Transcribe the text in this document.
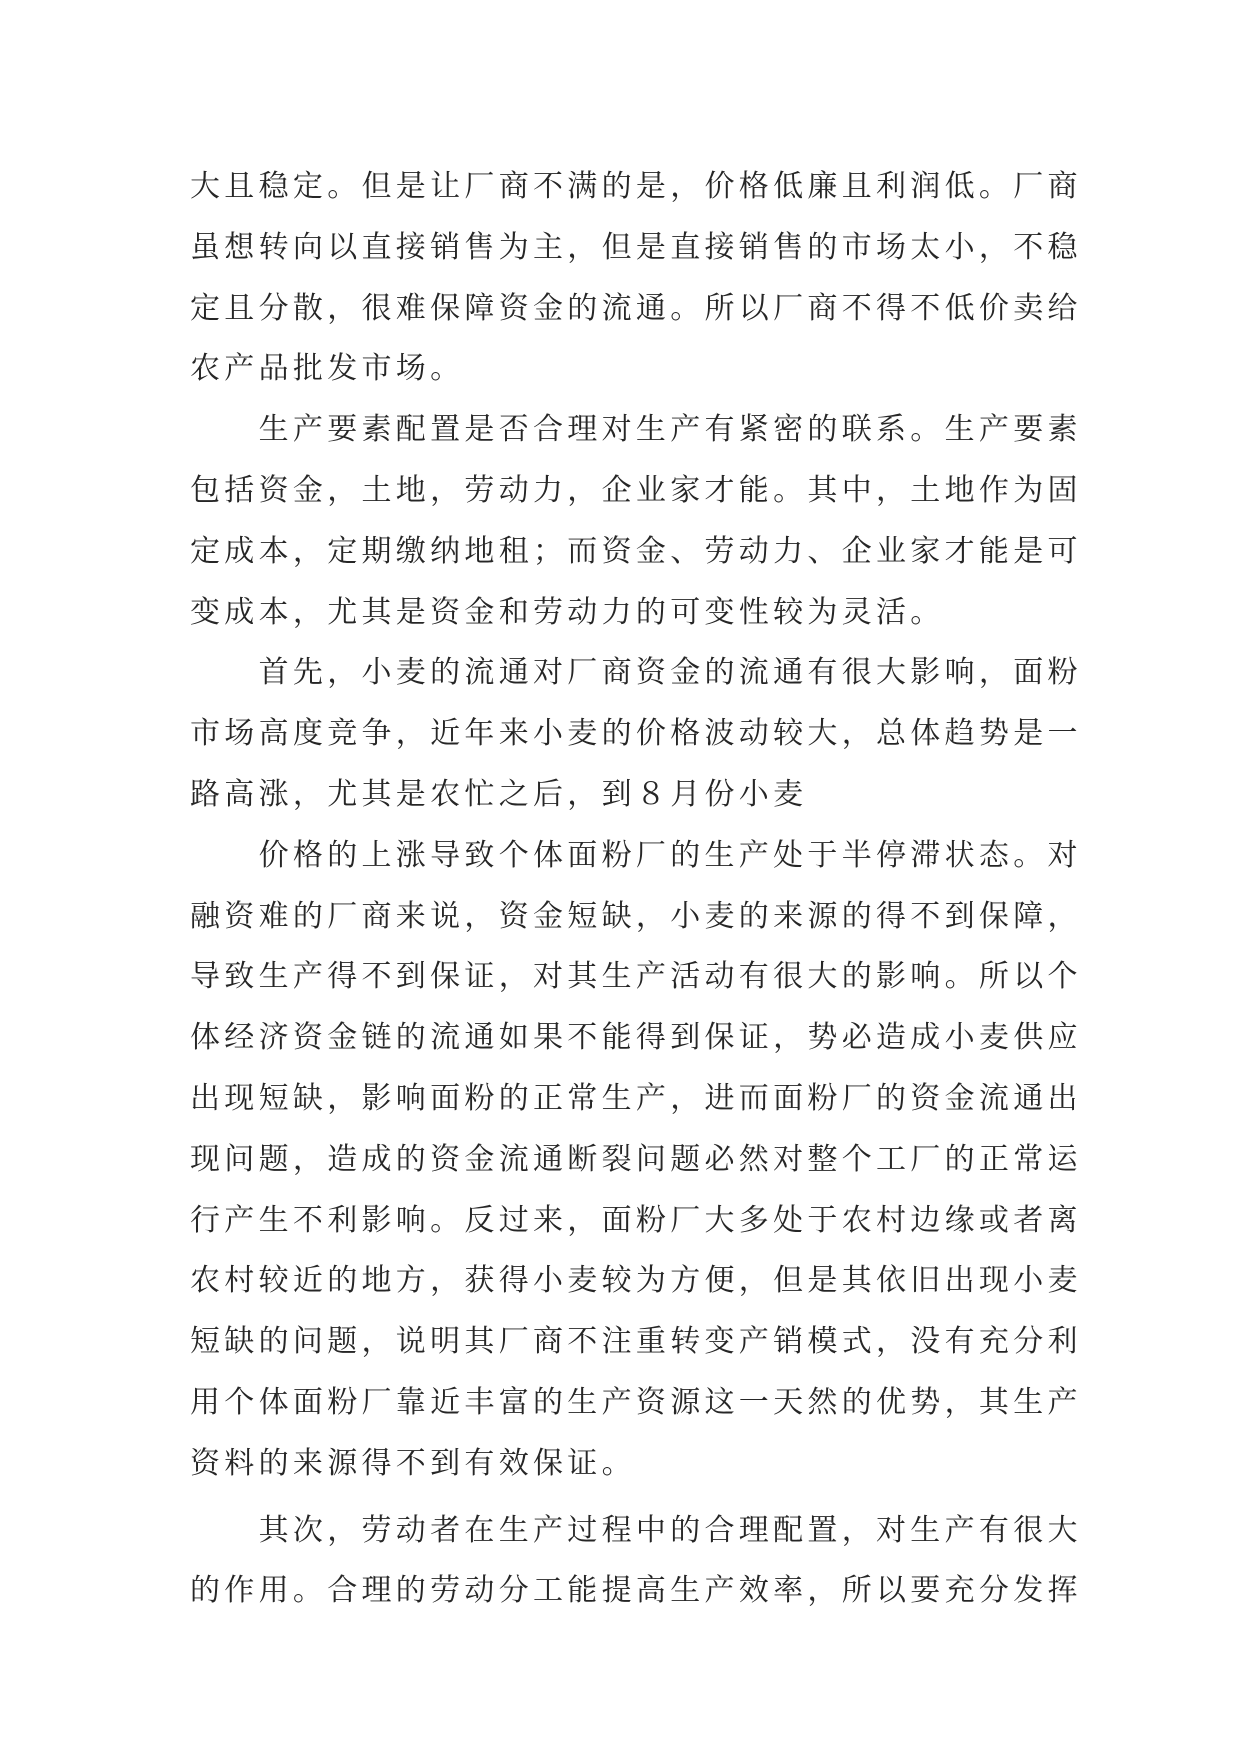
大且稳定。但是让厂商不满的是，价格低廉且利润低。厂商
虽想转向以直接销售为主，但是直接销售的市场太小，不稳
定且分散，很难保障资金的流通。所以厂商不得不低价卖给
农产品批发市场。
　　生产要素配置是否合理对生产有紧密的联系。生产要素
包括资金，土地，劳动力，企业家才能。其中，土地作为固
定成本，定期缴纳地租；而资金、劳动力、企业家才能是可
变成本，尤其是资金和劳动力的可变性较为灵活。
　　首先，小麦的流通对厂商资金的流通有很大影响，面粉
市场高度竞争，近年来小麦的价格波动较大，总体趋势是一
路高涨，尤其是农忙之后，到８月份小麦
　　价格的上涨导致个体面粉厂的生产处于半停滞状态。对
融资难的厂商来说，资金短缺，小麦的来源的得不到保障，
导致生产得不到保证，对其生产活动有很大的影响。所以个
体经济资金链的流通如果不能得到保证，势必造成小麦供应
出现短缺，影响面粉的正常生产，进而面粉厂的资金流通出
现问题，造成的资金流通断裂问题必然对整个工厂的正常运
行产生不利影响。反过来，面粉厂大多处于农村边缘或者离
农村较近的地方，获得小麦较为方便，但是其依旧出现小麦
短缺的问题，说明其厂商不注重转变产销模式，没有充分利
用个体面粉厂靠近丰富的生产资源这一天然的优势，其生产
资料的来源得不到有效保证。
　　其次，劳动者在生产过程中的合理配置，对生产有很大
的作用。合理的劳动分工能提高生产效率，所以要充分发挥
